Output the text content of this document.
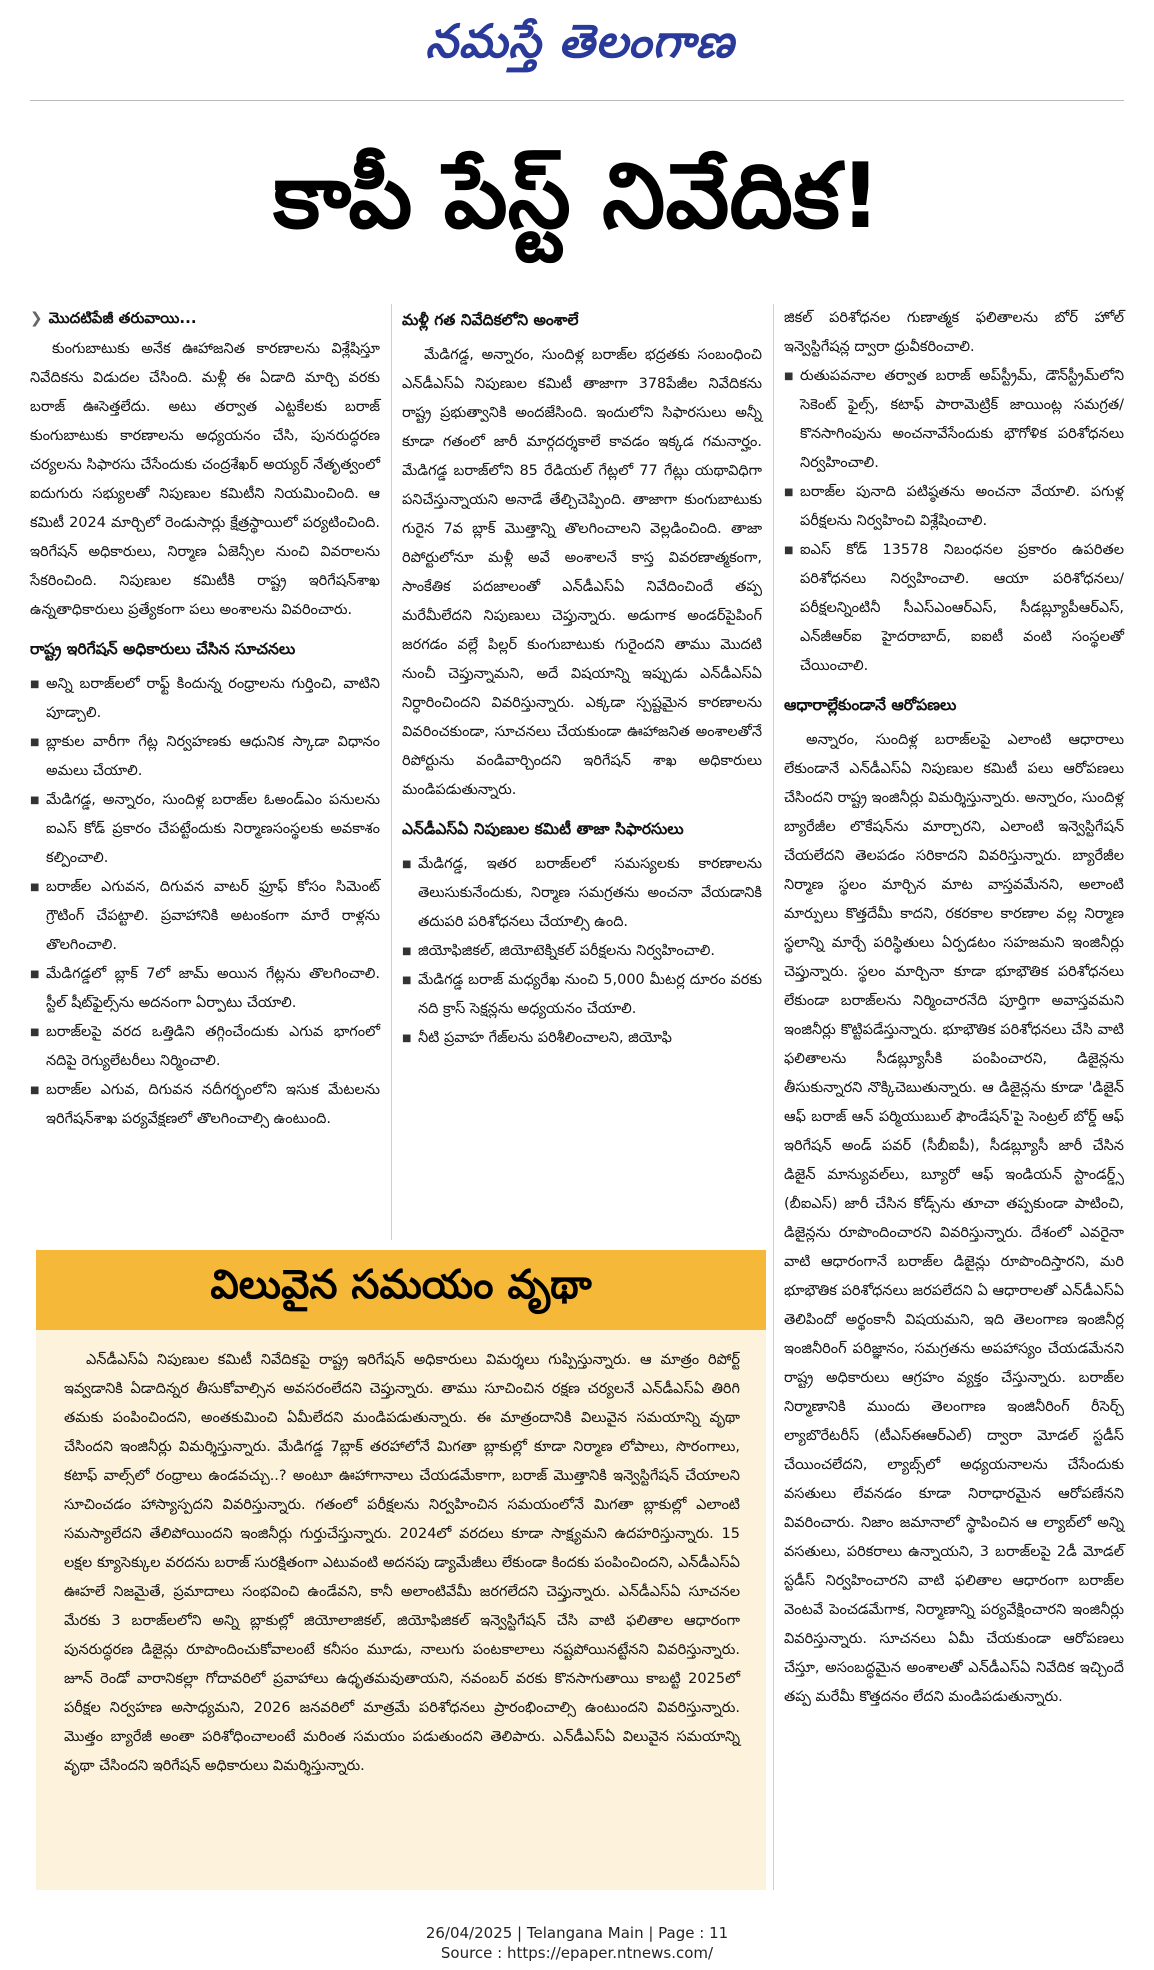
నమస్తే తెలంగాణ
కాపీ పేస్ట్ నివేదిక!
❯ మొదటిపేజీ తరువాయి...

కుంగుబాటుకు అనేక ఊహాజనిత కారణాలను విశ్లేషిస్తూ నివేదికను విడుదల చేసింది. మళ్లీ ఈ ఏడాది మార్చి వరకు బరాజ్ ఊసెత్తలేదు. అటు తర్వాత ఎట్టకేలకు బరాజ్ కుంగుబాటుకు కారణాలను అధ్యయనం చేసి, పునరుద్ధరణ చర్యలను సిఫారసు చేసేందుకు చంద్రశేఖర్ అయ్యర్ నేతృత్వంలో ఐదుగురు సభ్యులతో నిపుణుల కమిటీని నియమించింది. ఆ కమిటీ 2024 మార్చిలో రెండుసార్లు క్షేత్రస్థాయిలో పర్యటించింది. ఇరిగేషన్ అధికారులు, నిర్మాణ ఏజెన్సీల నుంచి వివరాలను సేకరించింది. నిపుణుల కమిటీకి రాష్ట్ర ఇరిగేషన్‌శాఖ ఉన్నతాధికారులు ప్రత్యేకంగా పలు అంశాలను వివరించారు.

రాష్ట్ర ఇరిగేషన్ అధికారులు చేసిన సూచనలు
■ అన్ని బరాజ్‌లలో రాఫ్ట్ కిందున్న రంధ్రాలను గుర్తించి, వాటిని పూడ్చాలి.
■ బ్లాకుల వారీగా గేట్ల నిర్వహణకు ఆధునిక స్కాడా విధానం అమలు చేయాలి.
■ మేడిగడ్డ, అన్నారం, సుందిళ్ల బరాజ్‌ల ఓఅండ్‌ఎం పనులను ఐఎస్ కోడ్ ప్రకారం చేపట్టేందుకు నిర్మాణసంస్థలకు అవకాశం కల్పించాలి.
■ బరాజ్‌ల ఎగువన, దిగువన వాటర్ ఫ్రూఫ్ కోసం సిమెంట్ గ్రౌటింగ్ చేపట్టాలి. ప్రవాహానికి అటంకంగా మారే రాళ్లను తొలగించాలి.
■ మేడిగడ్డలో బ్లాక్ 7లో జామ్ అయిన గేట్లను తొలగించాలి. స్టీల్ షీట్‌ఫైల్స్‌ను అదనంగా ఏర్పాటు చేయాలి.
■ బరాజ్‌లపై వరద ఒత్తిడిని తగ్గించేందుకు ఎగువ భాగంలో నదిపై రెగ్యులేటరీలు నిర్మించాలి.
■ బరాజ్‌ల ఎగువ, దిగువన నదీగర్భంలోని ఇసుక మేటలను ఇరిగేషన్‌శాఖ పర్యవేక్షణలో తొలగించాల్సి ఉంటుంది.
మళ్లీ గత నివేదికలోని అంశాలే

మేడిగడ్డ, అన్నారం, సుందిళ్ల బరాజ్‌ల భద్రతకు సంబంధించి ఎన్‌డీఎస్‌ఏ నిపుణుల కమిటీ తాజాగా 378పేజీల నివేదికను రాష్ట్ర ప్రభుత్వానికి అందజేసింది. ఇందులోని సిఫారసులు అన్నీ కూడా గతంలో జారీ మార్గదర్శకాలే కావడం ఇక్కడ గమనార్హం. మేడిగడ్డ బరాజ్‌లోని 85 రేడియల్ గేట్లలో 77 గేట్లు యథావిధిగా పనిచేస్తున్నాయని అనాడే తేల్చిచెప్పింది. తాజాగా కుంగుబాటుకు గురైన 7వ బ్లాక్ మొత్తాన్ని తొలగించాలని వెల్లడించింది. తాజా రిపోర్టులోనూ మళ్లీ అవే అంశాలనే కాస్త వివరణాత్మకంగా, సాంకేతిక పదజాలంతో ఎన్‌డీఎస్‌ఏ నివేదించిందే తప్ప మరేమీలేదని నిపుణులు చెప్తున్నారు. అడుగాక అండర్‌పైపింగ్ జరగడం వల్లే పిల్లర్ కుంగుబాటుకు గురైందని తాము మొదటి నుంచీ చెప్తున్నామని, అదే విషయాన్ని ఇప్పుడు ఎన్‌డీఎస్‌ఏ నిర్ధారించిందని వివరిస్తున్నారు. ఎక్కడా స్పష్టమైన కారణాలను వివరించకుండా, సూచనలు చేయకుండా ఊహాజనిత అంశాలతోనే రిపోర్టును వండివార్చిందని ఇరిగేషన్ శాఖ అధికారులు మండిపడుతున్నారు.

ఎన్‌డీఎస్‌ఏ నిపుణుల కమిటీ తాజా సిఫారసులు
■ మేడిగడ్డ, ఇతర బరాజ్‌లలో సమస్యలకు కారణాలను తెలుసుకునేందుకు, నిర్మాణ సమగ్రతను అంచనా వేయడానికి తదుపరి పరిశోధనలు చేయాల్సి ఉంది.
■ జియోఫిజికల్, జియోటెక్నికల్ పరీక్షలను నిర్వహించాలి.
■ మేడిగడ్డ బరాజ్ మధ్యరేఖ నుంచి 5,000 మీటర్ల దూరం వరకు నది క్రాస్ సెక్షన్లను అధ్యయనం చేయాలి.
■ నీటి ప్రవాహ గేజ్‌లను పరిశీలించాలని, జియోఫి

జికల్ పరిశోధనల గుణాత్మక ఫలితాలను బోర్ హోల్ ఇన్వెస్టిగేషన్ల ద్వారా ధ్రువీకరించాలి.

■ రుతుపవనాల తర్వాత బరాజ్ అప్‌స్ట్రీమ్, డౌన్‌స్ట్రీమ్‌లోని సెకెంట్ ఫైల్స్, కటాఫ్ పారామెట్రిక్ జాయింట్ల సమగ్రత/కొనసాగింపును అంచనావేసేందుకు భౌగోళిక పరిశోధనలు నిర్వహించాలి.
■ బరాజ్‌ల పునాది పటిష్ఠతను అంచనా వేయాలి. పగుళ్ల పరీక్షలను నిర్వహించి విశ్లేషించాలి.
■ ఐఎస్ కోడ్ 13578 నిబంధనల ప్రకారం ఉపరితల పరిశోధనలు నిర్వహించాలి. ఆయా పరిశోధనలు/పరీక్షలన్నింటినీ సీఎస్ఎంఆర్ఎస్, సీడబ్ల్యూపీఆర్ఎస్, ఎన్‌జీఆర్ఐ హైదరాబాద్, ఐఐటీ వంటి సంస్థలతో చేయించాలి.
ఆధారాల్లేకుండానే ఆరోపణలు

అన్నారం, సుందిళ్ల బరాజ్‌లపై ఎలాంటి ఆధారాలు లేకుండానే ఎన్‌డీఎస్‌ఏ నిపుణుల కమిటీ పలు ఆరోపణలు చేసిందని రాష్ట్ర ఇంజినీర్లు విమర్శిస్తున్నారు. అన్నారం, సుందిళ్ల బ్యారేజీల లొకేషన్‌ను మార్చారని, ఎలాంటి ఇన్వెస్టిగేషన్ చేయలేదని తెలపడం సరికాదని వివరిస్తున్నారు. బ్యారేజీల నిర్మాణ స్థలం మార్చిన మాట వాస్తవమేనని, అలాంటి మార్పులు కొత్తదేమీ కాదని, రకరకాల కారణాల వల్ల నిర్మాణ స్థలాన్ని మార్చే పరిస్థితులు ఏర్పడటం సహజమని ఇంజినీర్లు చెప్తున్నారు. స్థలం మార్చినా కూడా భూభౌతిక పరిశోధనలు లేకుండా బరాజ్‌లను నిర్మించారనేది పూర్తిగా అవాస్తవమని ఇంజినీర్లు కొట్టిపడేస్తున్నారు. భూభౌతిక పరిశోధనలు చేసి వాటి ఫలితాలను సీడబ్ల్యూసీకి పంపించారని, డిజైన్లను తీసుకున్నారని నొక్కిచెబుతున్నారు. ఆ డిజైన్లను కూడా 'డిజైన్ ఆఫ్ బరాజ్ ఆన్ పర్మియుబుల్ ఫౌండేషన్'పై సెంట్రల్ బోర్డ్ ఆఫ్ ఇరిగేషన్ అండ్ పవర్ (సీబీఐపీ), సీడబ్ల్యూసీ జారీ చేసిన డిజైన్ మాన్యువల్‌లు, బ్యూరో ఆఫ్ ఇండియన్ స్టాండర్డ్స్ (బీఐఎస్) జారీ చేసిన కోడ్స్‌ను తూచా తప్పకుండా పాటించి, డిజైన్లను రూపొందించారని వివరిస్తున్నారు. దేశంలో ఎవరైనా వాటి ఆధారంగానే బరాజ్‌ల డిజైన్లు రూపొందిస్తారని, మరి భూభౌతిక పరిశోధనలు జరపలేదని ఏ ఆధారాలతో ఎన్‌డీఎస్‌ఏ తెలిపిందో అర్థంకానీ విషయమని, ఇది తెలంగాణ ఇంజినీర్ల ఇంజినీరింగ్ పరిజ్ఞానం, సమగ్రతను అపహాస్యం చేయడమేనని రాష్ట్ర అధికారులు ఆగ్రహం వ్యక్తం చేస్తున్నారు. బరాజ్‌ల నిర్మాణానికి ముందు తెలంగాణ ఇంజినీరింగ్ రీసెర్చ్ ల్యాబొరేటరీస్ (టీఎస్ఈఆర్ఎల్) ద్వారా మోడల్ స్టడీస్ చేయించలేదని, ల్యాబ్స్‌లో అధ్యయనాలను చేసేందుకు వసతులు లేవనడం కూడా నిరాధారమైన ఆరోపణేనని వివరించారు. నిజాం జమానాలో స్థాపించిన ఆ ల్యాబ్‌లో అన్ని వసతులు, పరికరాలు ఉన్నాయని, 3 బరాజ్‌లపై 2డీ మోడల్ స్టడీస్ నిర్వహించారని వాటి ఫలితాల ఆధారంగా బరాజ్‌ల వెంటవే పెంచడమేగాక, నిర్మాణాన్ని పర్యవేక్షించారని ఇంజినీర్లు వివరిస్తున్నారు. సూచనలు ఏమీ చేయకుండా ఆరోపణలు చేస్తూ, అసంబద్ధమైన అంశాలతో ఎన్‌డీఎస్‌ఏ నివేదిక ఇచ్చిందే తప్ప మరేమీ కొత్తదనం లేదని మండిపడుతున్నారు.

విలువైన సమయం వృథా

ఎన్‌డీఎస్‌ఏ నిపుణుల కమిటీ నివేదికపై రాష్ట్ర ఇరిగేషన్ అధికారులు విమర్శలు గుప్పిస్తున్నారు. ఆ మాత్రం రిపోర్ట్ ఇవ్వడానికి ఏడాదిన్నర తీసుకోవాల్సిన అవసరంలేదని చెప్తున్నారు. తాము సూచించిన రక్షణ చర్యలనే ఎన్‌డీఎస్‌ఏ తిరిగి తమకు పంపించిందని, అంతకుమించి ఏమీలేదని మండిపడుతున్నారు. ఈ మాత్రందానికి విలువైన సమయాన్ని వృథా చేసిందని ఇంజినీర్లు విమర్శిస్తున్నారు. మేడిగడ్డ 7బ్లాక్ తరహాలోనే మిగతా బ్లాకుల్లో కూడా నిర్మాణ లోపాలు, సొరంగాలు, కటాఫ్ వాల్స్‌లో రంధ్రాలు ఉండవచ్చు..? అంటూ ఊహాగానాలు చేయడమేకాగా, బరాజ్ మొత్తానికి ఇన్వెస్టిగేషన్ చేయాలని సూచించడం హాస్యాస్పదని వివరిస్తున్నారు. గతంలో పరీక్షలను నిర్వహించిన సమయంలోనే మిగతా బ్లాకుల్లో ఎలాంటి సమస్యాలేదని తేలిపోయిందని ఇంజినీర్లు గుర్తుచేస్తున్నారు. 2024లో వరదలు కూడా సాక్ష్యమని ఉదహరిస్తున్నారు. 15 లక్షల క్యూసెక్కుల వరదను బరాజ్ సురక్షితంగా ఎటువంటి అదనపు డ్యామేజీలు లేకుండా కిందకు పంపించిందని, ఎన్‌డీఎస్‌ఏ ఊహలే నిజమైతే, ప్రమాదాలు సంభవించి ఉండేవని, కానీ అలాంటివేమీ జరగలేదని చెప్తున్నారు. ఎన్‌డీఎస్‌ఏ సూచనల మేరకు 3 బరాజ్‌లలోని అన్ని బ్లాకుల్లో జియోలాజికల్, జియోఫిజికల్ ఇన్వెస్టిగేషన్ చేసి వాటి ఫలితాల ఆధారంగా పునరుద్ధరణ డిజైన్లు రూపొందించుకోవాలంటే కనీసం మూడు, నాలుగు పంటకాలాలు నష్టపోయినట్టేనని వివరిస్తున్నారు. జూన్ రెండో వారానికల్లా గోదావరిలో ప్రవాహాలు ఉధృతమవుతాయని, నవంబర్ వరకు కొనసాగుతాయి కాబట్టి 2025లో పరీక్షల నిర్వహణ అసాధ్యమని, 2026 జనవరిలో మాత్రమే పరిశోధనలు ప్రారంభించాల్సి ఉంటుందని వివరిస్తున్నారు. మొత్తం బ్యారేజీ అంతా పరిశోధించాలంటే మరింత సమయం పడుతుందని తెలిపారు. ఎన్‌డీఎస్‌ఏ విలువైన సమయాన్ని వృథా చేసిందని ఇరిగేషన్ అధికారులు విమర్శిస్తున్నారు.

26/04/2025 | Telangana Main | Page : 11
Source : https://epaper.ntnews.com/
